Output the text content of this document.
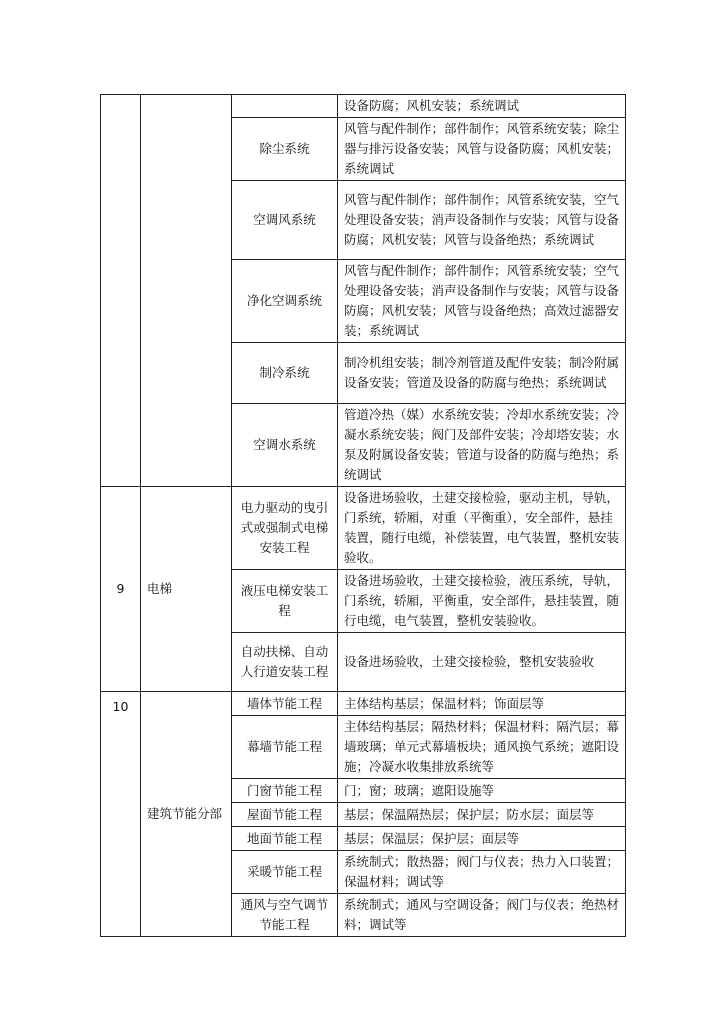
			设备防腐；风机安装；系统调试
		除尘系统	风管与配件制作；部件制作；风管系统安装；除尘器与排污设备安装；风管与设备防腐；风机安装；系统调试
		空调风系统	风管与配件制作；部件制作；风管系统安装，空气处理设备安装；消声设备制作与安装；风管与设备防腐；风机安装；风管与设备绝热；系统调试
		净化空调系统	风管与配件制作；部件制作；风管系统安装；空气处理设备安装；消声设备制作与安装；风管与设备防腐；风机安装；风管与设备绝热；高效过滤器安装；系统调试
		制冷系统	制冷机组安装；制冷剂管道及配件安装；制冷附属设备安装；管道及设备的防腐与绝热；系统调试
		空调水系统	管道冷热（媒）水系统安装；冷却水系统安装；冷凝水系统安装；阀门及部件安装；冷却塔安装；水泵及附属设备安装；管道与设备的防腐与绝热；系统调试
9	电梯	电力驱动的曳引式或强制式电梯安装工程	设备进场验收，土建交接检验，驱动主机，导轨，门系统，轿厢，对重（平衡重），安全部件，悬挂装置，随行电缆，补偿装置，电气装置，整机安装验收。
		液压电梯安装工程	设备进场验收，土建交接检验，液压系统，导轨，门系统，轿厢，平衡重，安全部件，悬挂装置，随行电缆，电气装置，整机安装验收。
		自动扶梯、自动人行道安装工程	设备进场验收，土建交接检验，整机安装验收
10	建筑节能分部	墙体节能工程	主体结构基层；保温材料；饰面层等
		幕墙节能工程	主体结构基层；隔热材料；保温材料；隔汽层；幕墙玻璃；单元式幕墙板块；通风换气系统；遮阳设施；冷凝水收集排放系统等
		门窗节能工程	门；窗；玻璃；遮阳设施等
		屋面节能工程	基层；保温隔热层；保护层；防水层；面层等
		地面节能工程	基层；保温层；保护层；面层等
		采暖节能工程	系统制式；散热器；阀门与仪表；热力入口装置；保温材料；调试等
		通风与空气调节节能工程	系统制式；通风与空调设备；阀门与仪表；绝热材料；调试等
